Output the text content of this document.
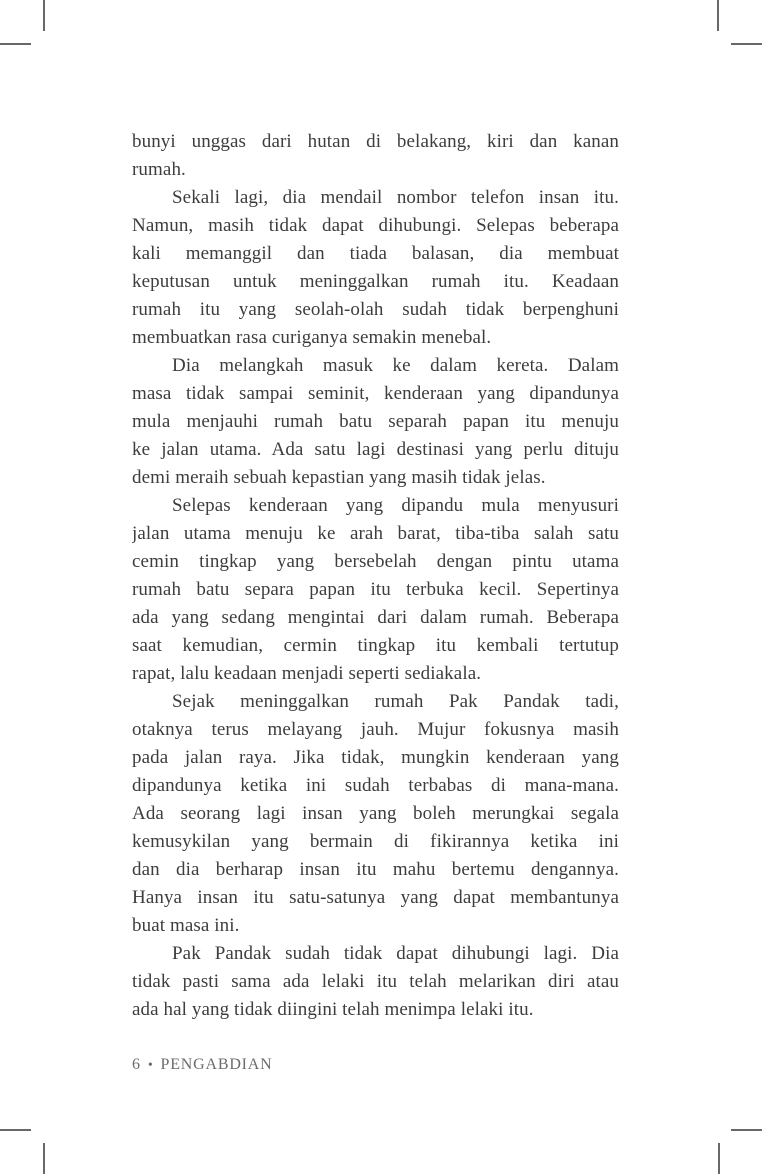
bunyi unggas dari hutan di belakang, kiri dan kanan
rumah.
Sekali lagi, dia mendail nombor telefon insan itu.
Namun, masih tidak dapat dihubungi. Selepas beberapa
kali memanggil dan tiada balasan, dia membuat
keputusan untuk meninggalkan rumah itu. Keadaan
rumah itu yang seolah-olah sudah tidak berpenghuni
membuatkan rasa curiganya semakin menebal.
Dia melangkah masuk ke dalam kereta. Dalam
masa tidak sampai seminit, kenderaan yang dipandunya
mula menjauhi rumah batu separah papan itu menuju
ke jalan utama. Ada satu lagi destinasi yang perlu dituju
demi meraih sebuah kepastian yang masih tidak jelas.
Selepas kenderaan yang dipandu mula menyusuri
jalan utama menuju ke arah barat, tiba-tiba salah satu
cemin tingkap yang bersebelah dengan pintu utama
rumah batu separa papan itu terbuka kecil. Sepertinya
ada yang sedang mengintai dari dalam rumah. Beberapa
saat kemudian, cermin tingkap itu kembali tertutup
rapat, lalu keadaan menjadi seperti sediakala.
Sejak meninggalkan rumah Pak Pandak tadi,
otaknya terus melayang jauh. Mujur fokusnya masih
pada jalan raya. Jika tidak, mungkin kenderaan yang
dipandunya ketika ini sudah terbabas di mana-mana.
Ada seorang lagi insan yang boleh merungkai segala
kemusykilan yang bermain di fikirannya ketika ini
dan dia berharap insan itu mahu bertemu dengannya.
Hanya insan itu satu-satunya yang dapat membantunya
buat masa ini.
Pak Pandak sudah tidak dapat dihubungi lagi. Dia
tidak pasti sama ada lelaki itu telah melarikan diri atau
ada hal yang tidak diingini telah menimpa lelaki itu.
6 • PENGABDIAN
